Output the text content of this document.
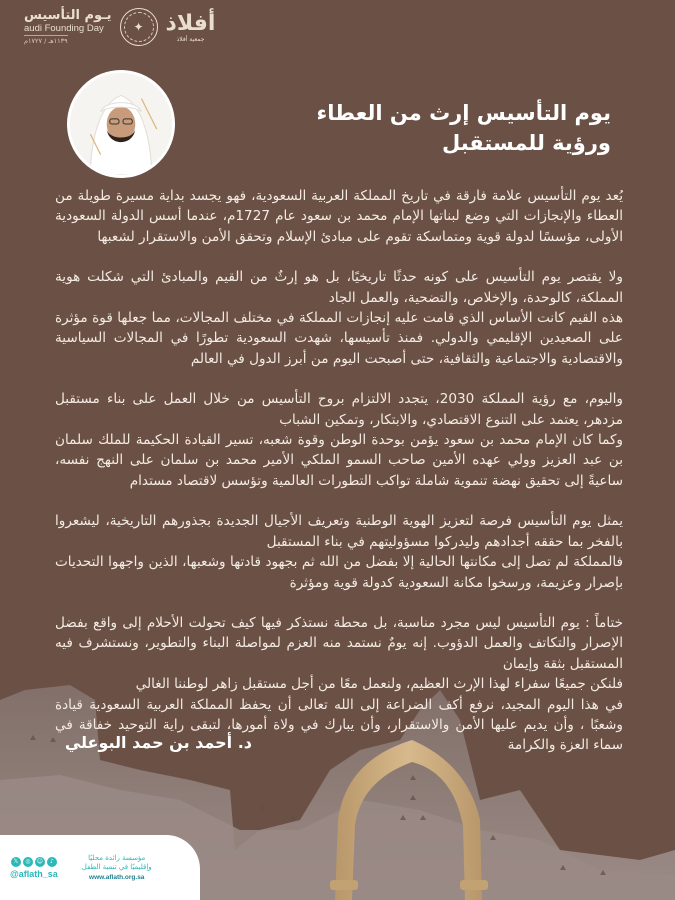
يـوم التأسيس
audi Founding Day
١١٣٩هـ / ١٧٢٧م
✦ أفلاذ
جمعية أفلاذ
يوم التأسيس إرث من العطاء
ورؤية للمستقبل

يُعد يوم التأسيس علامة فارقة في تاريخ المملكة العربية السعودية، فهو يجسد بداية مسيرة طويلة من العطاء والإنجازات التي وضع لبناتها الإمام محمد بن سعود عام 1727م، عندما أسس الدولة السعودية الأولى، مؤسسًا لدولة قوية ومتماسكة تقوم على مبادئ الإسلام وتحقق الأمن والاستقرار لشعبها

ولا يقتصر يوم التأسيس على كونه حدثًا تاريخيًا، بل هو إرثٌ من القيم والمبادئ التي شكلت هوية المملكة، كالوحدة، والإخلاص، والتضحية، والعمل الجاد
هذه القيم كانت الأساس الذي قامت عليه إنجازات المملكة في مختلف المجالات، مما جعلها قوة مؤثرة على الصعيدين الإقليمي والدولي. فمنذ تأسيسها، شهدت السعودية تطورًا في المجالات السياسية والاقتصادية والاجتماعية والثقافية، حتى أصبحت اليوم من أبرز الدول في العالم

واليوم، مع رؤية المملكة 2030، يتجدد الالتزام بروح التأسيس من خلال العمل على بناء مستقبل مزدهر، يعتمد على التنوع الاقتصادي، والابتكار، وتمكين الشباب
وكما كان الإمام محمد بن سعود يؤمن بوحدة الوطن وقوة شعبه، تسير القيادة الحكيمة للملك سلمان بن عبد العزيز وولي عهده الأمين صاحب السمو الملكي الأمير محمد بن سلمان على النهج نفسه، ساعيةً إلى تحقيق نهضة تنموية شاملة تواكب التطورات العالمية وتؤسس لاقتصاد مستدام

يمثل يوم التأسيس فرصة لتعزيز الهوية الوطنية وتعريف الأجيال الجديدة بجذورهم التاريخية، ليشعروا بالفخر بما حققه أجدادهم وليدركوا مسؤوليتهم في بناء المستقبل
فالمملكة لم تصل إلى مكانتها الحالية إلا بفضل من الله ثم بجهود قادتها وشعبها، الذين واجهوا التحديات بإصرار وعزيمة، ورسخوا مكانة السعودية كدولة قوية ومؤثرة

ختاماً : يوم التأسيس ليس مجرد مناسبة، بل محطة نستذكر فيها كيف تحولت الأحلام إلى واقع بفضل الإصرار والتكاتف والعمل الدؤوب. إنه يومٌ نستمد منه العزم لمواصلة البناء والتطوير، ونستشرف فيه المستقبل بثقة وإيمان
فلنكن جميعًا سفراء لهذا الإرث العظيم، ولنعمل معًا من أجل مستقبل زاهر لوطننا الغالي
في هذا اليوم المجيد، نرفع أكف الضراعة إلى الله تعالى أن يحفظ المملكة العربية السعودية قيادة وشعبًا ، وأن يديم عليها الأمن والاستقرار، وأن يبارك في ولاة أمورها، لتبقى راية التوحيد خفاقة في سماء العزة والكرامة

د. أحمد بن حمد البوعلي
𝕏	◎	☺	♪
@aflath_sa
مؤسسة رائدة محليًا
وإقليميًا في تنمية الطفل
www.aflath.org.sa
